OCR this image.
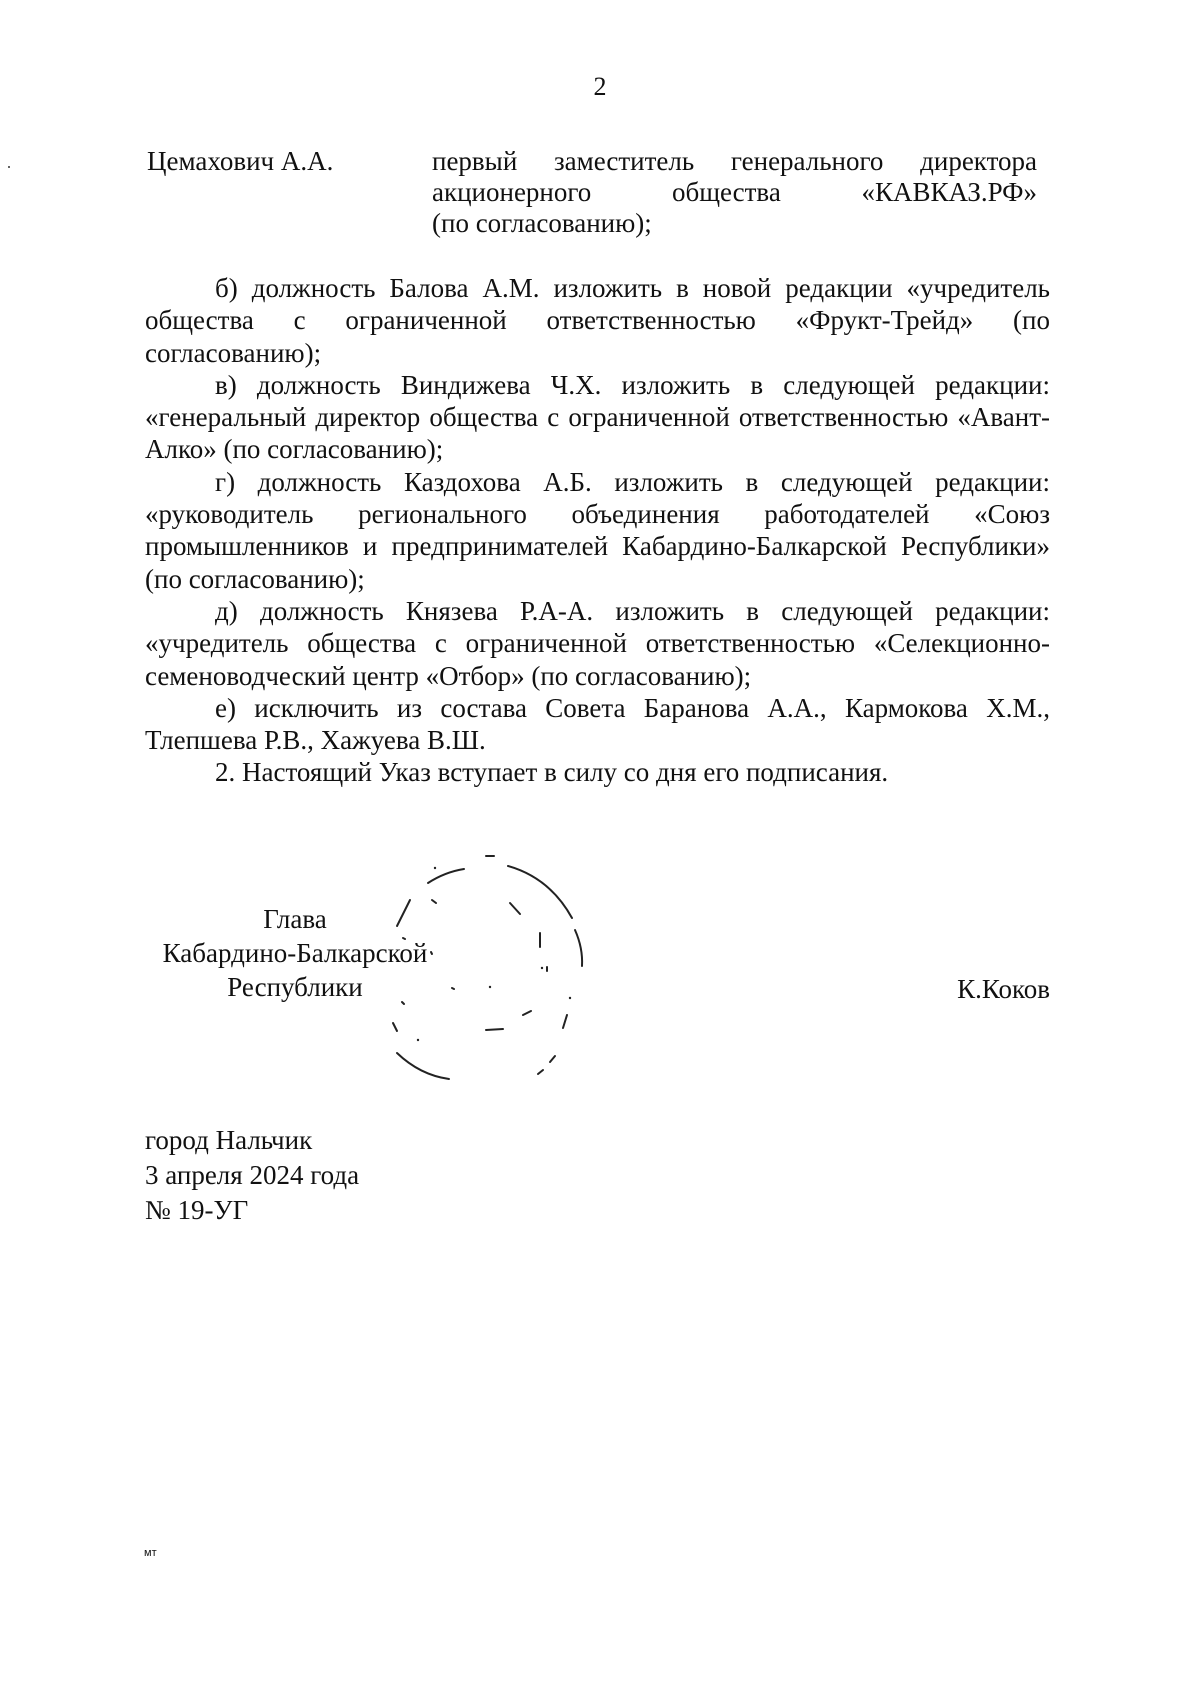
2
Цемахович А.А.	первый заместитель генерального директора
акционерного общества «КАВКАЗ.РФ»
(по согласованию);

б) должность Балова А.М. изложить в новой редакции «учредитель общества с ограниченной ответственностью «Фрукт-Трейд» (по согласованию);

в) должность Виндижева Ч.Х. изложить в следующей редакции: «генеральный директор общества с ограниченной ответственностью «Авант-Алко» (по согласованию);

г) должность Каздохова А.Б. изложить в следующей редакции: «руководитель регионального объединения работодателей «Союз промышленников и предпринимателей Кабардино-Балкарской Республики» (по согласованию);

д) должность Князева Р.А-А. изложить в следующей редакции: «учредитель общества с ограниченной ответственностью «Селекционно-семеноводческий центр «Отбор» (по согласованию);

е) исключить из состава Совета Баранова А.А., Кармокова Х.М., Тлепшева Р.В., Хажуева В.Ш.

2. Настоящий Указ вступает в силу со дня его подписания.

Глава
Кабардино-Балкарской
Республики	К.Коков
город Нальчик
3 апреля 2024 года
№ 19-УГ
мт
